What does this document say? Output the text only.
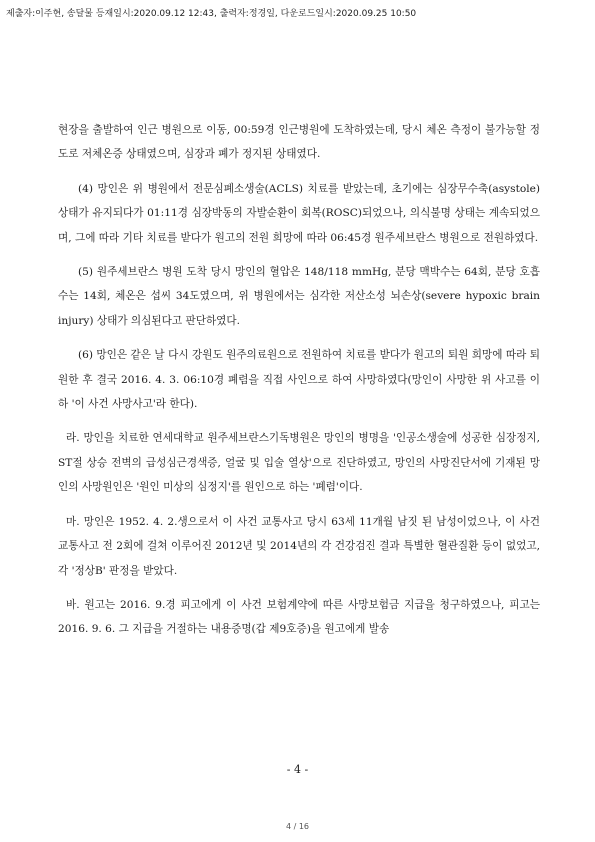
제출자:이주현, 송달물 등재일시:2020.09.12 12:43, 출력자:정경일, 다운로드일시:2020.09.25 10:50

현장을 출발하여 인근 병원으로 이동, 00:59경 인근병원에 도착하였는데, 당시 체온 측정이 불가능할 정도로 저체온증 상태였으며, 심장과 폐가 정지된 상태였다.

(4) 망인은 위 병원에서 전문심폐소생술(ACLS) 치료를 받았는데, 초기에는 심장무수축(asystole) 상태가 유지되다가 01:11경 심장박동의 자발순환이 회복(ROSC)되었으나, 의식불명 상태는 계속되었으며, 그에 따라 기타 치료를 받다가 원고의 전원 희망에 따라 06:45경 원주세브란스 병원으로 전원하였다.

(5) 원주세브란스 병원 도착 당시 망인의 혈압은 148/118 mmHg, 분당 맥박수는 64회, 분당 호흡수는 14회, 체온은 섭씨 34도였으며, 위 병원에서는 심각한 저산소성 뇌손상(severe hypoxic brain injury) 상태가 의심된다고 판단하였다.

(6) 망인은 같은 날 다시 강원도 원주의료원으로 전원하여 치료를 받다가 원고의 퇴원 희망에 따라 퇴원한 후 결국 2016. 4. 3. 06:10경 폐렴을 직접 사인으로 하여 사망하였다(망인이 사망한 위 사고를 이하 '이 사건 사망사고'라 한다).

라. 망인을 치료한 연세대학교 원주세브란스기독병원은 망인의 병명을 '인공소생술에 성공한 심장정지, ST절 상승 전벽의 급성심근경색증, 얼굴 및 입술 열상'으로 진단하였고, 망인의 사망진단서에 기재된 망인의 사망원인은 '원인 미상의 심정지'를 원인으로 하는 '폐렴'이다.

마. 망인은 1952. 4. 2.생으로서 이 사건 교통사고 당시 63세 11개월 남짓 된 남성이었으나, 이 사건 교통사고 전 2회에 걸쳐 이루어진 2012년 및 2014년의 각 건강검진 결과 특별한 혈관질환 등이 없었고, 각 '정상B' 판정을 받았다.

바. 원고는 2016. 9.경 피고에게 이 사건 보험계약에 따른 사망보험금 지급을 청구하였으나, 피고는 2016. 9. 6. 그 지급을 거절하는 내용증명(갑 제9호증)을 원고에게 발송

- 4 -
4 / 16
